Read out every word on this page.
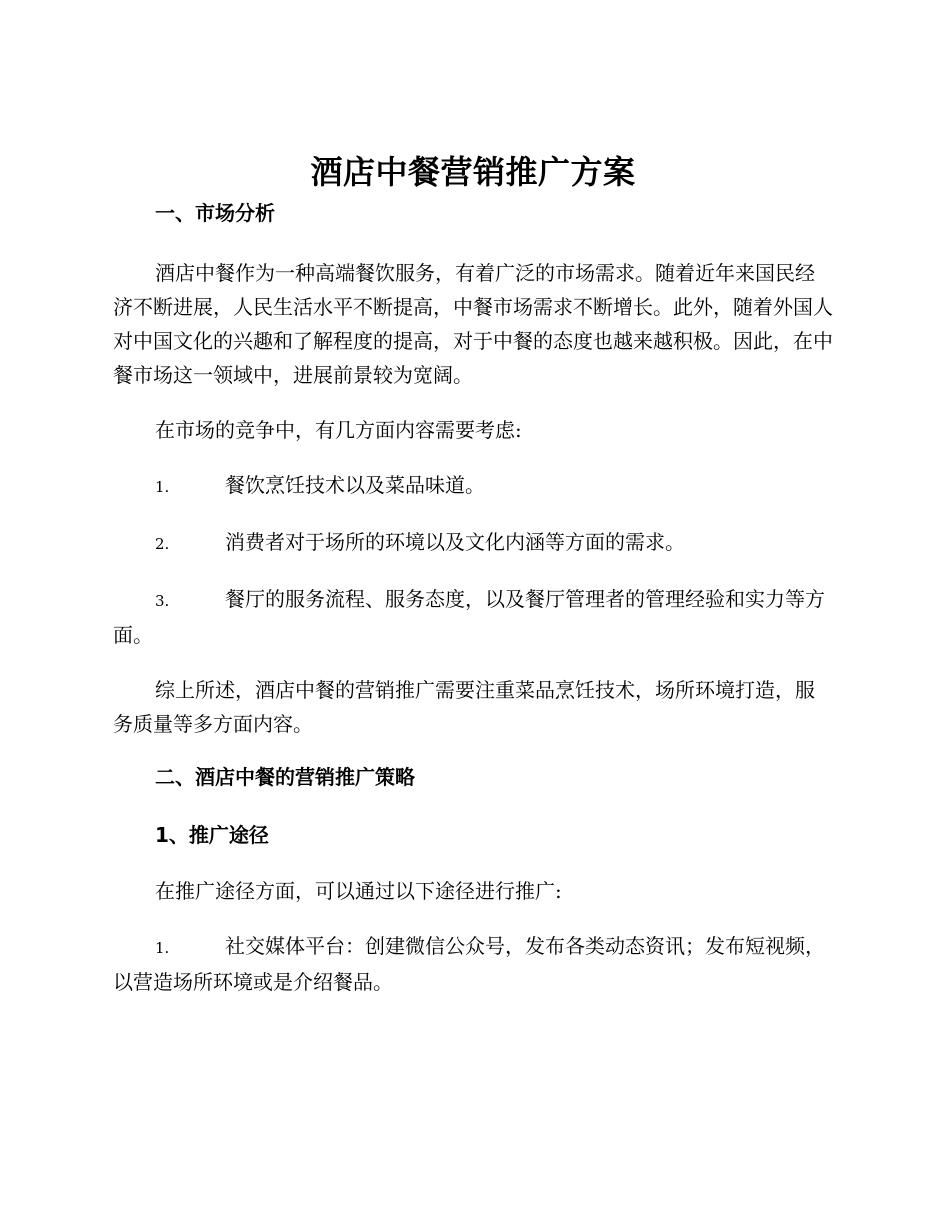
酒店中餐营销推广方案
一、市场分析

酒店中餐作为一种高端餐饮服务，有着广泛的市场需求。随着近年来国民经济不断进展，人民生活水平不断提高，中餐市场需求不断增长。此外，随着外国人对中国文化的兴趣和了解程度的提高，对于中餐的态度也越来越积极。因此，在中餐市场这一领域中，进展前景较为宽阔。

在市场的竞争中，有几方面内容需要考虑:

1.	餐饮烹饪技术以及菜品味道。
2.	消费者对于场所的环境以及文化内涵等方面的需求。
3.	餐厅的服务流程、服务态度，以及餐厅管理者的管理经验和实力等方面。

综上所述，酒店中餐的营销推广需要注重菜品烹饪技术，场所环境打造，服务质量等多方面内容。

二、酒店中餐的营销推广策略
1、推广途径

在推广途径方面，可以通过以下途径进行推广:

1.	社交媒体平台：创建微信公众号，发布各类动态资讯；发布短视频，以营造场所环境或是介绍餐品。
